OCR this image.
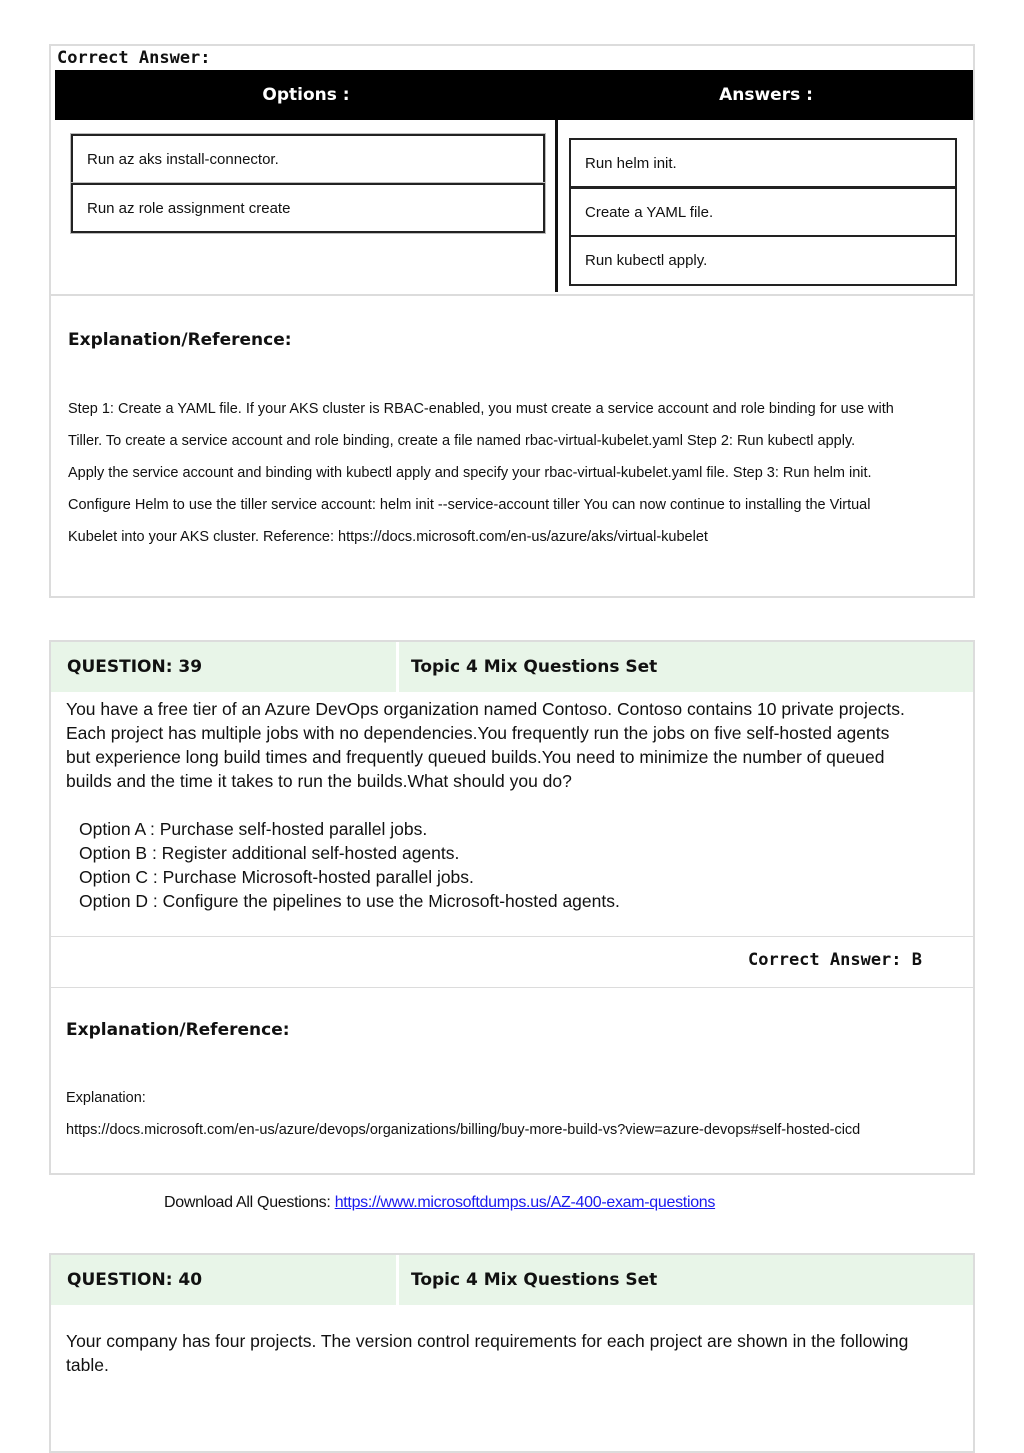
Correct Answer:
Options :	Answers :
Run az aks install-connector.
Run az role assignment create
Run helm init.
Create a YAML file.
Run kubectl apply.
Explanation/Reference:
Step 1: Create a YAML file. If your AKS cluster is RBAC-enabled, you must create a service account and role binding for use with
Tiller. To create a service account and role binding, create a file named rbac-virtual-kubelet.yaml Step 2: Run kubectl apply.
Apply the service account and binding with kubectl apply and specify your rbac-virtual-kubelet.yaml file. Step 3: Run helm init.
Configure Helm to use the tiller service account: helm init --service-account tiller You can now continue to installing the Virtual
Kubelet into your AKS cluster. Reference: https://docs.microsoft.com/en-us/azure/aks/virtual-kubelet
QUESTION: 39	Topic 4 Mix Questions Set
You have a free tier of an Azure DevOps organization named Contoso. Contoso contains 10 private projects.
Each project has multiple jobs with no dependencies.You frequently run the jobs on five self-hosted agents
but experience long build times and frequently queued builds.You need to minimize the number of queued
builds and the time it takes to run the builds.What should you do?
Option A : Purchase self-hosted parallel jobs.
Option B : Register additional self-hosted agents.
Option C : Purchase Microsoft-hosted parallel jobs.
Option D : Configure the pipelines to use the Microsoft-hosted agents.
Correct Answer: B
Explanation/Reference:
Explanation:
https://docs.microsoft.com/en-us/azure/devops/organizations/billing/buy-more-build-vs?view=azure-devops#self-hosted-cicd
Download All Questions: https://www.microsoftdumps.us/AZ-400-exam-questions
QUESTION: 40	Topic 4 Mix Questions Set
Your company has four projects. The version control requirements for each project are shown in the following
table.
